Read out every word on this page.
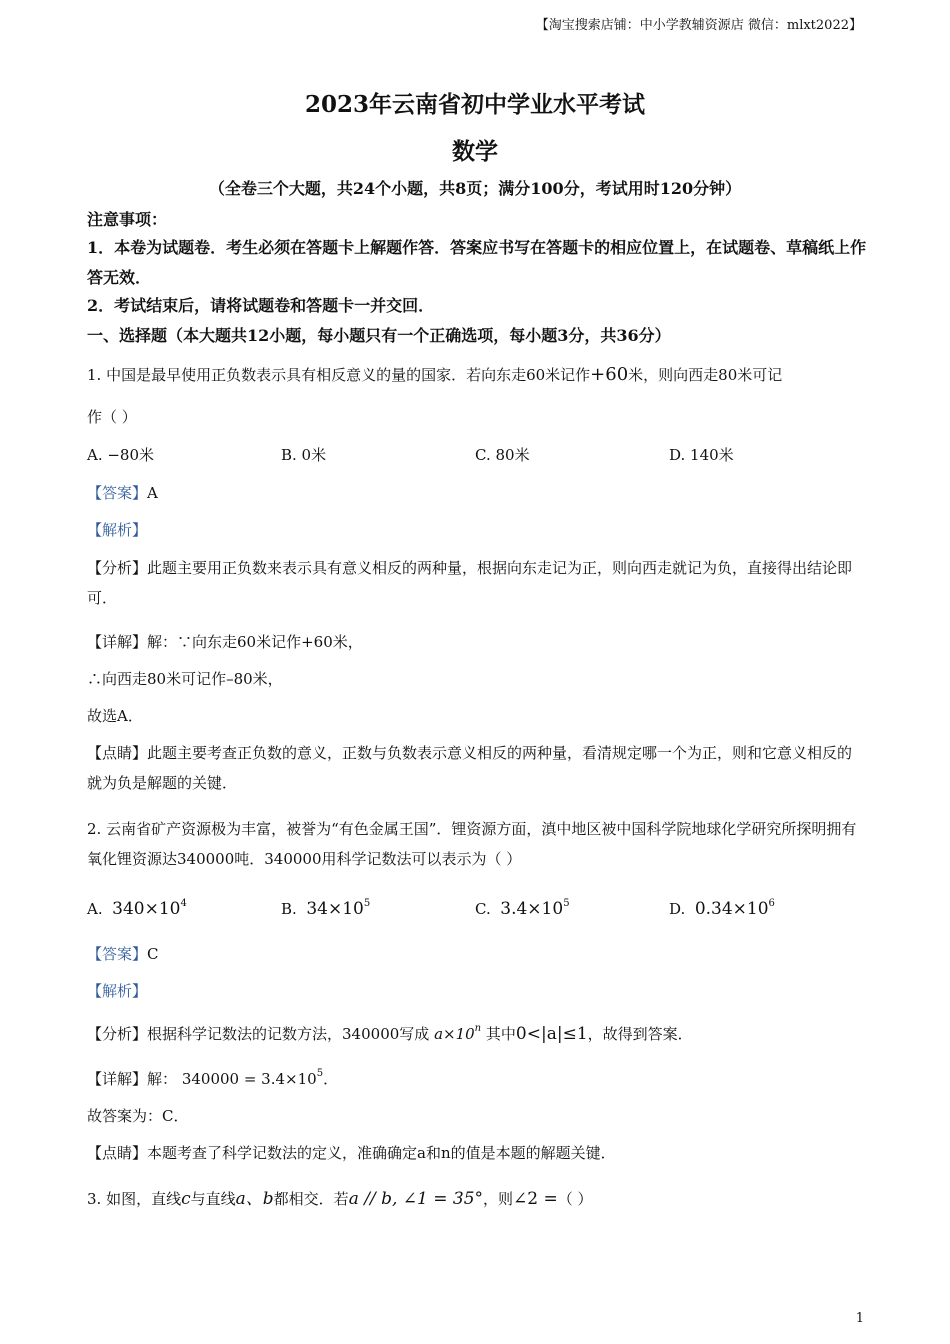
【淘宝搜索店铺：中小学教辅资源店 微信：mlxt2022】
2023年云南省初中学业水平考试
数学
（全卷三个大题，共24个小题，共8页；满分100分，考试用时120分钟）
注意事项：
1．本卷为试题卷．考生必须在答题卡上解题作答．答案应书写在答题卡的相应位置上，在试题卷、草稿纸上作答无效．
2．考试结束后，请将试题卷和答题卡一并交回．
一、选择题（本大题共12小题，每小题只有一个正确选项，每小题3分，共36分）
1. 中国是最早使用正负数表示具有相反意义的量的国家．若向东走60米记作+60米，则向西走80米可记
作（ ）
A. −80米	B. 0米	C. 80米	D. 140米
【答案】A
【解析】
【分析】此题主要用正负数来表示具有意义相反的两种量，根据向东走记为正，则向西走就记为负，直接得出结论即可．
【详解】解：∵向东走60米记作+60米，
∴向西走80米可记作–80米，
故选A．
【点睛】此题主要考查正负数的意义，正数与负数表示意义相反的两种量，看清规定哪一个为正，则和它意义相反的就为负是解题的关键．
2. 云南省矿产资源极为丰富，被誉为“有色金属王国”．锂资源方面，滇中地区被中国科学院地球化学研究所探明拥有氧化锂资源达340000吨．340000用科学记数法可以表示为（ ）
A. $340\times 10^4$	B. $34\times 10^5$	C. $3.4\times 10^5$	D. $0.34\times 10^6$
【答案】C
【解析】
【分析】根据科学记数法的记数方法，340000写成 $a\times 10^n$ 其中0<|a|≤1，故得到答案．
【详解】解： $340000 = 3.4\times 10^5$．
故答案为：C．
【点睛】本题考查了科学记数法的定义，准确确定a和n的值是本题的解题关键．
3. 如图，直线c与直线a、b都相交．若a // b, ∠1 = 35°，则∠2 =（ ）
1
